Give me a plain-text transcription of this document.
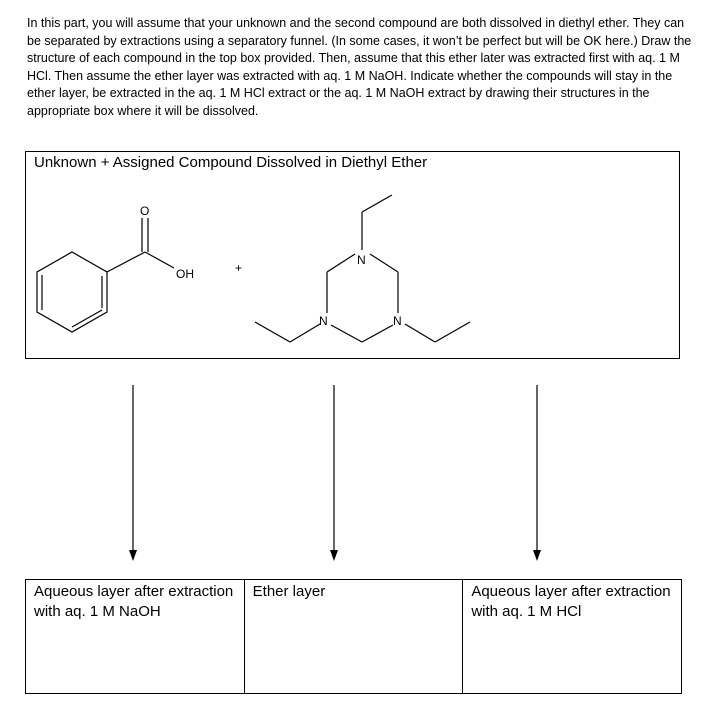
In this part, you will assume that your unknown and the second compound are both dissolved in diethyl ether. They can be separated by extractions using a separatory funnel. (In some cases, it won’t be perfect but will be OK here.) Draw the structure of each compound in the top box provided. Then, assume that this ether later was extracted first with aq. 1 M HCl. Then assume the ether layer was extracted with aq. 1 M NaOH. Indicate whether the compounds will stay in the ether layer, be extracted in the aq. 1 M HCl extract or the aq. 1 M NaOH extract by drawing their structures in the appropriate box where it will be dissolved.

Unknown + Assigned Compound Dissolved in Diethyl Ether
O
OH	+
N
N	N
Aqueous layer after extraction with aq. 1 M NaOH	Ether layer	Aqueous layer after extraction with aq. 1 M HCl
